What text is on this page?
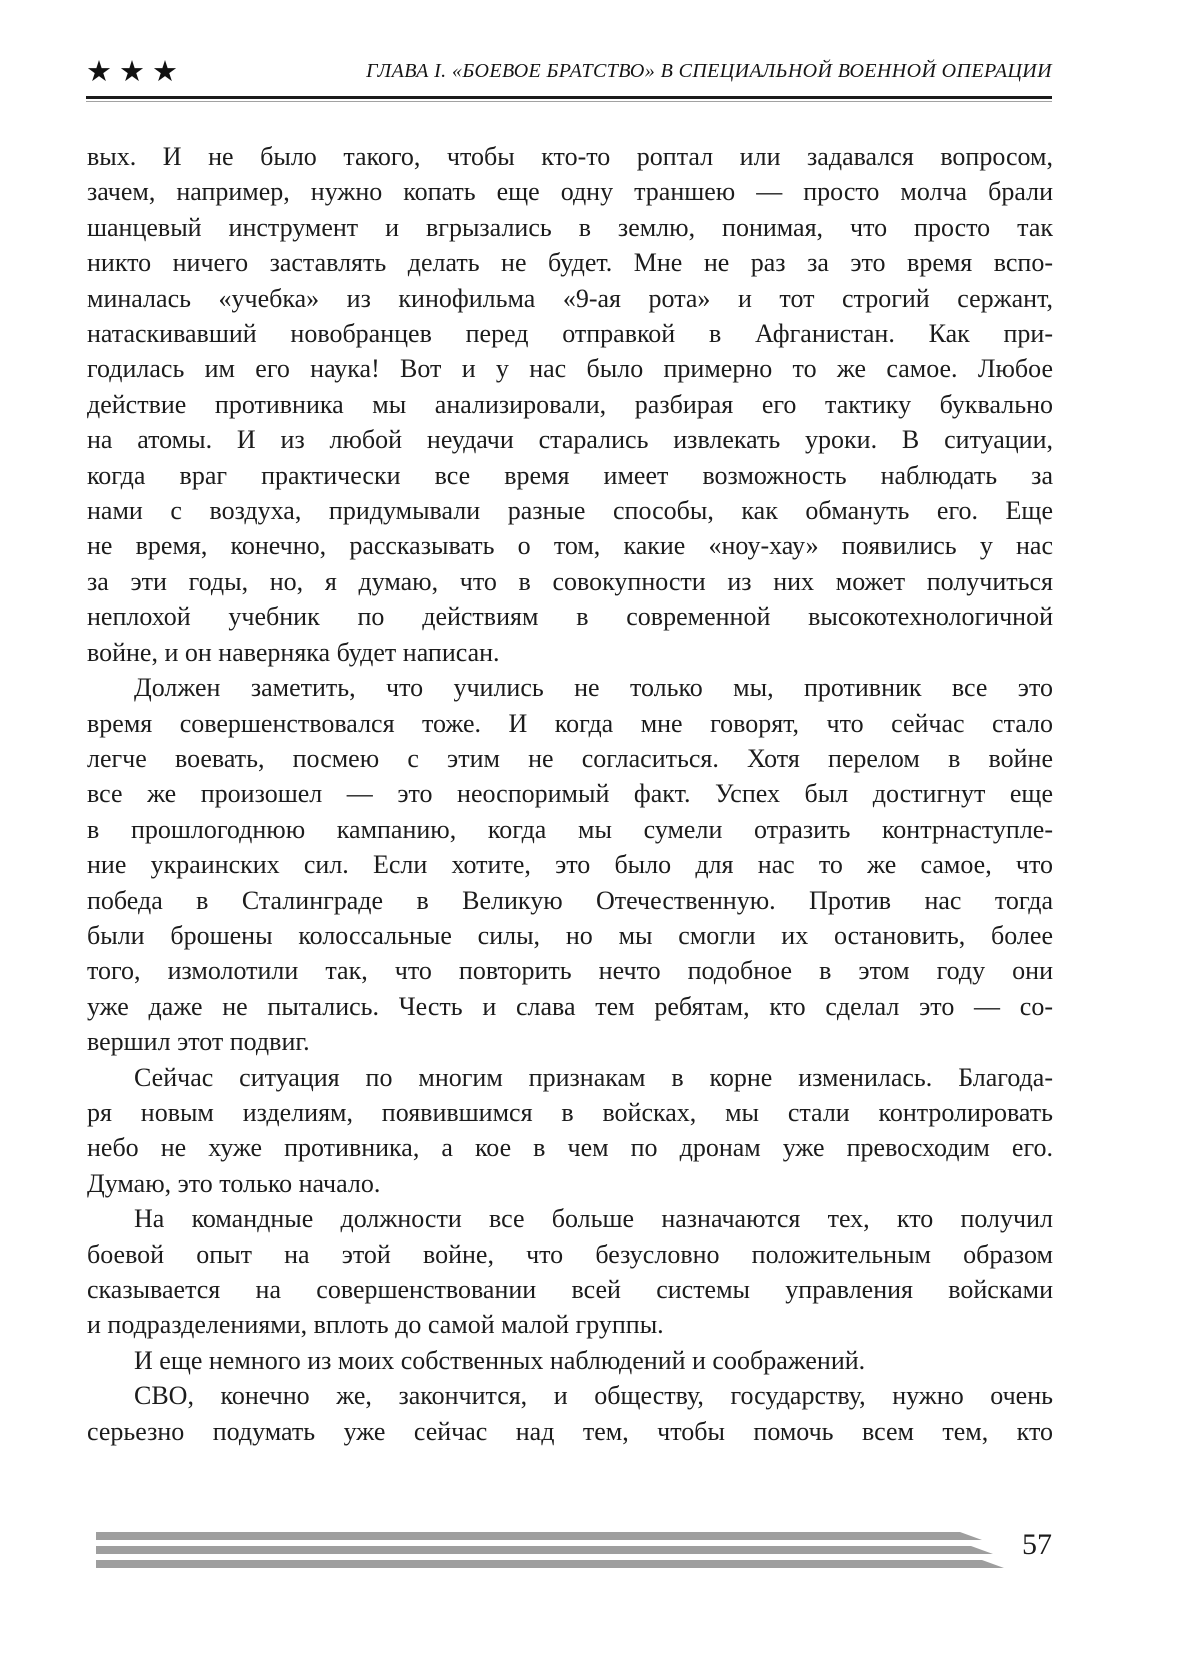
★★★	ГЛАВА I. «БОЕВОЕ БРАТСТВО» В СПЕЦИАЛЬНОЙ ВОЕННОЙ ОПЕРАЦИИ
вых. И не было такого, чтобы кто-то роптал или задавался вопросом,
зачем, например, нужно копать еще одну траншею — просто молча брали
шанцевый инструмент и вгрызались в землю, понимая, что просто так
никто ничего заставлять делать не будет. Мне не раз за это время вспо-
миналась «учебка» из кинофильма «9-ая рота» и тот строгий сержант,
натаскивавший новобранцев перед отправкой в Афганистан. Как при-
годилась им его наука! Вот и у нас было примерно то же самое. Любое
действие противника мы анализировали, разбирая его тактику буквально
на атомы. И из любой неудачи старались извлекать уроки. В ситуации,
когда враг практически все время имеет возможность наблюдать за
нами с воздуха, придумывали разные способы, как обмануть его. Еще
не время, конечно, рассказывать о том, какие «ноу-хау» появились у нас
за эти годы, но, я думаю, что в совокупности из них может получиться
неплохой учебник по действиям в современной высокотехнологичной
войне, и он наверняка будет написан.
Должен заметить, что учились не только мы, противник все это
время совершенствовался тоже. И когда мне говорят, что сейчас стало
легче воевать, посмею с этим не согласиться. Хотя перелом в войне
все же произошел — это неоспоримый факт. Успех был достигнут еще
в прошлогоднюю кампанию, когда мы сумели отразить контрнаступле-
ние украинских сил. Если хотите, это было для нас то же самое, что
победа в Сталинграде в Великую Отечественную. Против нас тогда
были брошены колоссальные силы, но мы смогли их остановить, более
того, измолотили так, что повторить нечто подобное в этом году они
уже даже не пытались. Честь и слава тем ребятам, кто сделал это — со-
вершил этот подвиг.
Сейчас ситуация по многим признакам в корне изменилась. Благода-
ря новым изделиям, появившимся в войсках, мы стали контролировать
небо не хуже противника, а кое в чем по дронам уже превосходим его.
Думаю, это только начало.
На командные должности все больше назначаются тех, кто получил
боевой опыт на этой войне, что безусловно положительным образом
сказывается на совершенствовании всей системы управления войсками
и подразделениями, вплоть до самой малой группы.
И еще немного из моих собственных наблюдений и соображений.
СВО, конечно же, закончится, и обществу, государству, нужно очень
серьезно подумать уже сейчас над тем, чтобы помочь всем тем, кто
57
